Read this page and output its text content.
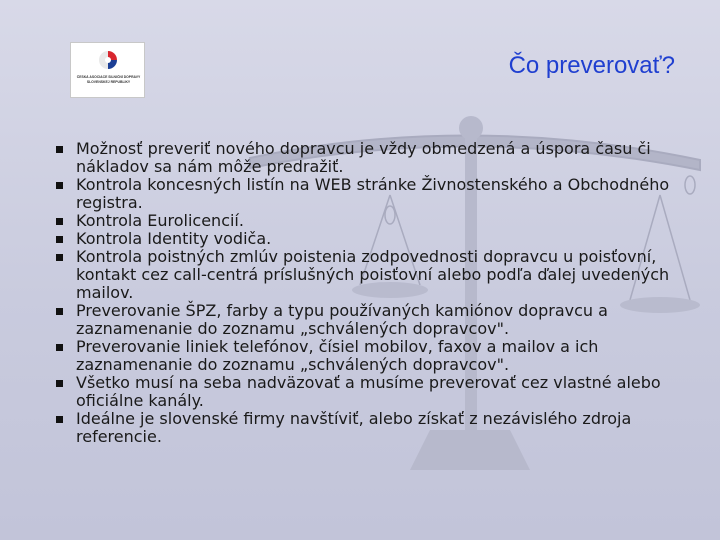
ČESKÁ ASOCIACE SILNIČNÍ DOPRAVY
SLOVENSKEJ REPUBLIKY
Čo preverovať?
Možnosť preveriť nového dopravcu je vždy obmedzená a úspora času či nákladov sa nám môže predražiť.
Kontrola koncesných listín na WEB stránke Živnostenského a Obchodného registra.
Kontrola Eurolicencií.
Kontrola Identity vodiča.
Kontrola poistných zmlúv poistenia zodpovednosti dopravcu u poisťovní, kontakt cez call-centrá príslušných poisťovní alebo podľa ďalej uvedených mailov.
Preverovanie ŠPZ, farby a typu používaných kamiónov dopravcu a zaznamenanie do zoznamu „schválených dopravcov".
Preverovanie liniek telefónov, čísiel mobilov, faxov a mailov a ich zaznamenanie do zoznamu „schválených dopravcov".
Všetko musí na seba nadväzovať a musíme preverovať cez vlastné alebo oficiálne kanály.
Ideálne je slovenské firmy navštíviť, alebo získať z nezávislého zdroja referencie.
